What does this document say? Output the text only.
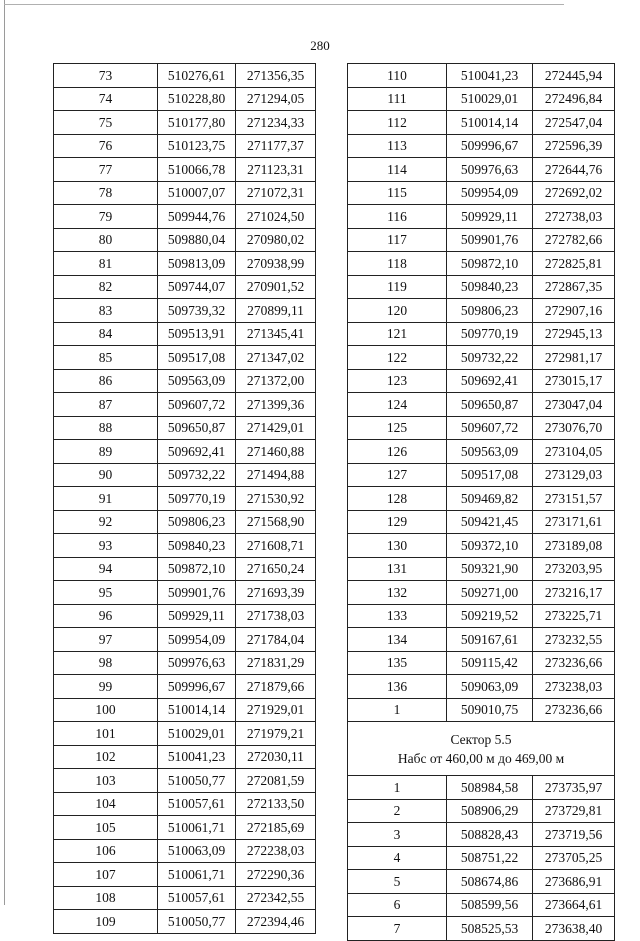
280
73	510276,61	271356,35
74	510228,80	271294,05
75	510177,80	271234,33
76	510123,75	271177,37
77	510066,78	271123,31
78	510007,07	271072,31
79	509944,76	271024,50
80	509880,04	270980,02
81	509813,09	270938,99
82	509744,07	270901,52
83	509739,32	270899,11
84	509513,91	271345,41
85	509517,08	271347,02
86	509563,09	271372,00
87	509607,72	271399,36
88	509650,87	271429,01
89	509692,41	271460,88
90	509732,22	271494,88
91	509770,19	271530,92
92	509806,23	271568,90
93	509840,23	271608,71
94	509872,10	271650,24
95	509901,76	271693,39
96	509929,11	271738,03
97	509954,09	271784,04
98	509976,63	271831,29
99	509996,67	271879,66
100	510014,14	271929,01
101	510029,01	271979,21
102	510041,23	272030,11
103	510050,77	272081,59
104	510057,61	272133,50
105	510061,71	272185,69
106	510063,09	272238,03
107	510061,71	272290,36
108	510057,61	272342,55
109	510050,77	272394,46
110	510041,23	272445,94
111	510029,01	272496,84
112	510014,14	272547,04
113	509996,67	272596,39
114	509976,63	272644,76
115	509954,09	272692,02
116	509929,11	272738,03
117	509901,76	272782,66
118	509872,10	272825,81
119	509840,23	272867,35
120	509806,23	272907,16
121	509770,19	272945,13
122	509732,22	272981,17
123	509692,41	273015,17
124	509650,87	273047,04
125	509607,72	273076,70
126	509563,09	273104,05
127	509517,08	273129,03
128	509469,82	273151,57
129	509421,45	273171,61
130	509372,10	273189,08
131	509321,90	273203,95
132	509271,00	273216,17
133	509219,52	273225,71
134	509167,61	273232,55
135	509115,42	273236,66
136	509063,09	273238,03
1	509010,75	273236,66
Сектор 5.5
Набс от 460,00 м до 469,00 м		
1	508984,58	273735,97
2	508906,29	273729,81
3	508828,43	273719,56
4	508751,22	273705,25
5	508674,86	273686,91
6	508599,56	273664,61
7	508525,53	273638,40
